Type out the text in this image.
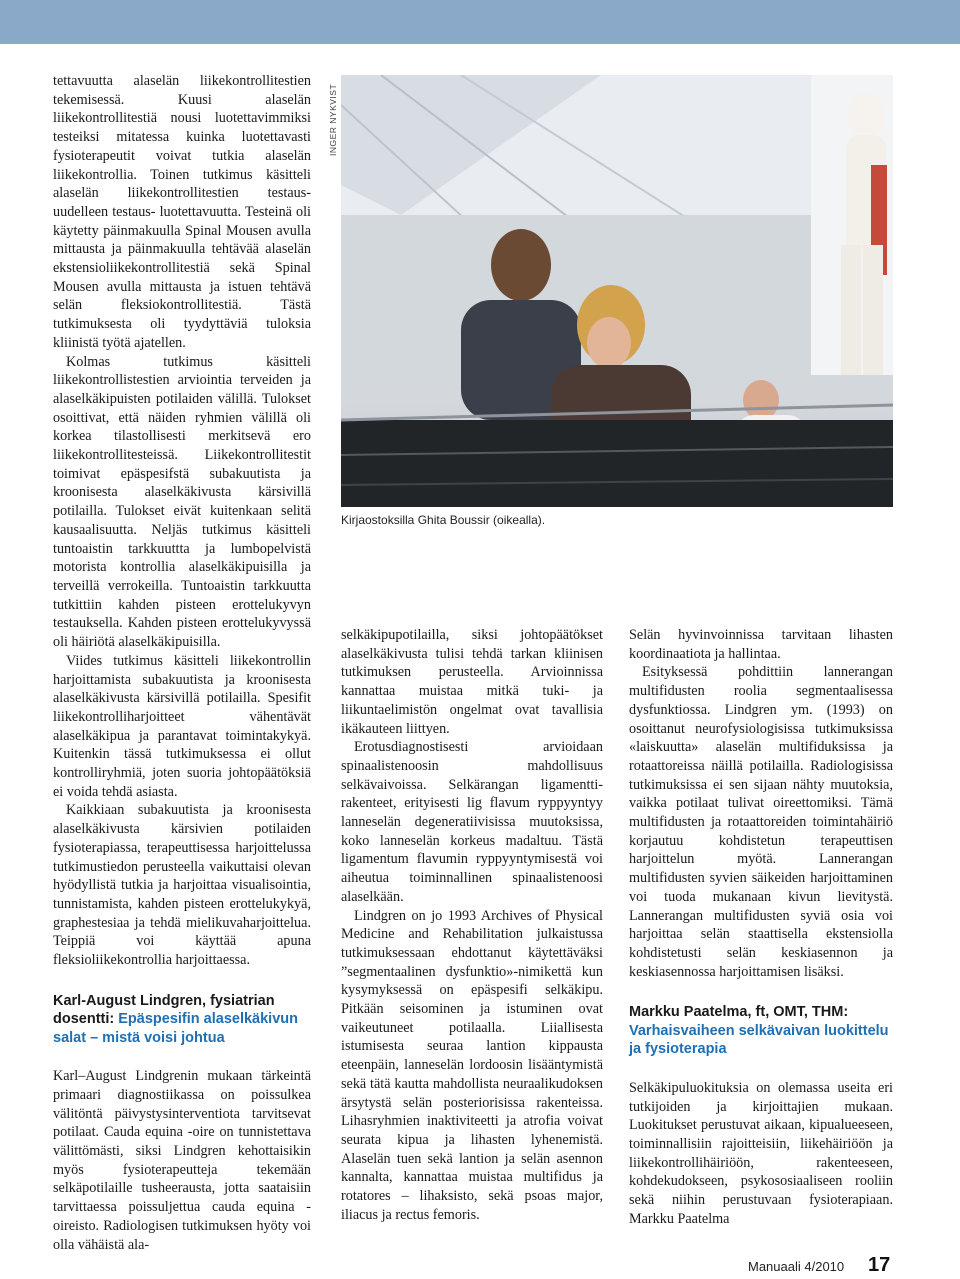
tettavuutta alaselän liikekontrollitestien tekemisessä. Kuusi alaselän liikekontrollitestiä nousi luotettavimmiksi testeiksi mitatessa kuinka luotettavasti fysioterapeutit voivat tutkia alaselän liikekontrollia. Toinen tutkimus käsitteli alaselän liikekontrollitestien testaus- uudelleen testaus- luotettavuutta. Testeinä oli käytetty päinmakuulla Spinal Mousen avulla mittausta ja päinmakuulla tehtävää alaselän ekstensioliikekontrollitestiä sekä Spinal Mousen avulla mittausta ja istuen tehtävä selän fleksiokontrollitestiä. Tästä tutkimuksesta oli tyydyttäviä tuloksia kliinistä työtä ajatellen.

Kolmas tutkimus käsitteli liikekontrollistestien arviointia terveiden ja alaselkäkipuisten potilaiden välillä. Tulokset osoittivat, että näiden ryhmien välillä oli korkea tilastollisesti merkitsevä ero liikekontrollitesteissä. Liikekontrollitestit toimivat epäspesifstä subakuutista ja kroonisesta alaselkäkivusta kärsivillä potilailla. Tulokset eivät kuitenkaan selitä kausaalisuutta. Neljäs tutkimus käsitteli tuntoaistin tarkkuuttta ja lumbopelvistä motorista kontrollia alaselkäkipuisilla ja terveillä verrokeilla. Tuntoaistin tarkkuutta tutkittiin kahden pisteen erottelukyvyn testauksella. Kahden pisteen erottelukyvyssä oli häiriötä alaselkäkipuisilla.

Viides tutkimus käsitteli liikekontrollin harjoittamista subakuutista ja kroonisesta alaselkäkivusta kärsivillä potilailla. Spesifit liikekontrolliharjoitteet vähentävät alaselkäkipua ja parantavat toimintakykyä. Kuitenkin tässä tutkimuksessa ei ollut kontrolliryhmiä, joten suoria johtopäätöksiä ei voida tehdä asiasta.

Kaikkiaan subakuutista ja kroonisesta alaselkäkivusta kärsivien potilaiden fysioterapiassa, terapeuttisessa harjoittelussa tutkimustiedon perusteella vaikuttaisi olevan hyödyllistä tutkia ja harjoittaa visualisointia, tunnistamista, kahden pisteen erottelukykyä, graphestesiaa ja tehdä mielikuvaharjoittelua. Teippiä voi käyttää apuna fleksioliikekontrollia harjoittaessa.

Karl-August Lindgren, fysiatrian dosentti: Epäspesifin alaselkäkivun salat – mistä voisi johtua

Karl–August Lindgrenin mukaan tärkeintä primaari diagnostiikassa on poissulkea välitöntä päivystysinterventiota tarvitsevat potilaat. Cauda equina -oire on tunnistettava välittömästi, siksi Lindgren kehottaisikin myös fysioterapeutteja tekemään selkäpotilaille tusheerausta, jotta saataisiin tarvittaessa poissuljettua cauda equina -oireisto. Radiologisen tutkimuksen hyöty voi olla vähäistä ala-

INGER NYKVIST
Kirjaostoksilla Ghita Boussir (oikealla).

selkäkipupotilailla, siksi johtopäätökset alaselkäkivusta tulisi tehdä tarkan kliinisen tutkimuksen perusteella. Arvioinnissa kannattaa muistaa mitkä tuki- ja liikuntaelimistön ongelmat ovat tavallisia ikäkauteen liittyen.

Erotusdiagnostisesti arvioidaan spinaalistenoosin mahdollisuus selkävaivoissa. Selkärangan ligamentti-rakenteet, erityisesti lig flavum ryppyyntyy lanneselän degeneratiivisissa muutoksissa, koko lanneselän korkeus madaltuu. Tästä ligamentum flavumin ryppyyntymisestä voi aiheutua toiminnallinen spinaalistenoosi alaselkään.

Lindgren on jo 1993 Archives of Physical Medicine and Rehabilitation julkaistussa tutkimuksessaan ehdottanut käytettäväksi ”segmentaalinen dysfunktio»-nimikettä kun kysymyksessä on epäspesifi selkäkipu. Pitkään seisominen ja istuminen ovat vaikeutuneet potilaalla. Liiallisesta istumisesta seuraa lantion kippausta eteenpäin, lanneselän lordoosin lisääntymistä sekä tätä kautta mahdollista neuraalikudoksen ärsytystä selän posteriorisissa rakenteissa. Lihasryhmien inaktiviteetti ja atrofia voivat seurata kipua ja lihasten lyhenemistä. Alaselän tuen sekä lantion ja selän asennon kannalta, kannattaa muistaa multifidus ja rotatores – lihaksisto, sekä psoas major, iliacus ja rectus femoris.

Selän hyvinvoinnissa tarvitaan lihasten koordinaatiota ja hallintaa.

Esityksessä pohdittiin lannerangan multifidusten roolia segmentaalisessa dysfunktiossa. Lindgren ym. (1993) on osoittanut neurofysiologisissa tutkimuksissa «laiskuutta» alaselän multifiduksissa ja rotaattoreissa näillä potilailla. Radiologisissa tutkimuksissa ei sen sijaan nähty muutoksia, vaikka potilaat tulivat oireettomiksi. Tämä multifidusten ja rotaattoreiden toimintahäiriö korjautuu kohdistetun terapeuttisen harjoittelun myötä. Lannerangan multifidusten syvien säikeiden harjoittaminen voi tuoda mukanaan kivun lievitystä. Lannerangan multifidusten syviä osia voi harjoittaa selän staattisella ekstensiolla kohdistetusti selän keskiasennon ja keskiasennossa harjoittamisen lisäksi.

Markku Paatelma, ft, OMT, THM:
Varhaisvaiheen selkävaivan luokittelu ja fysioterapia

Selkäkipuluokituksia on olemassa useita eri tutkijoiden ja kirjoittajien mukaan. Luokitukset perustuvat aikaan, kipualueeseen, toiminnallisiin rajoitteisiin, liikehäiriöön ja liikekontrollihäiriöön, rakenteeseen, kohdekudokseen, psykososiaaliseen rooliin sekä niihin perustuvaan fysioterapiaan. Markku Paatelma

Manuaali 4/2010 17
